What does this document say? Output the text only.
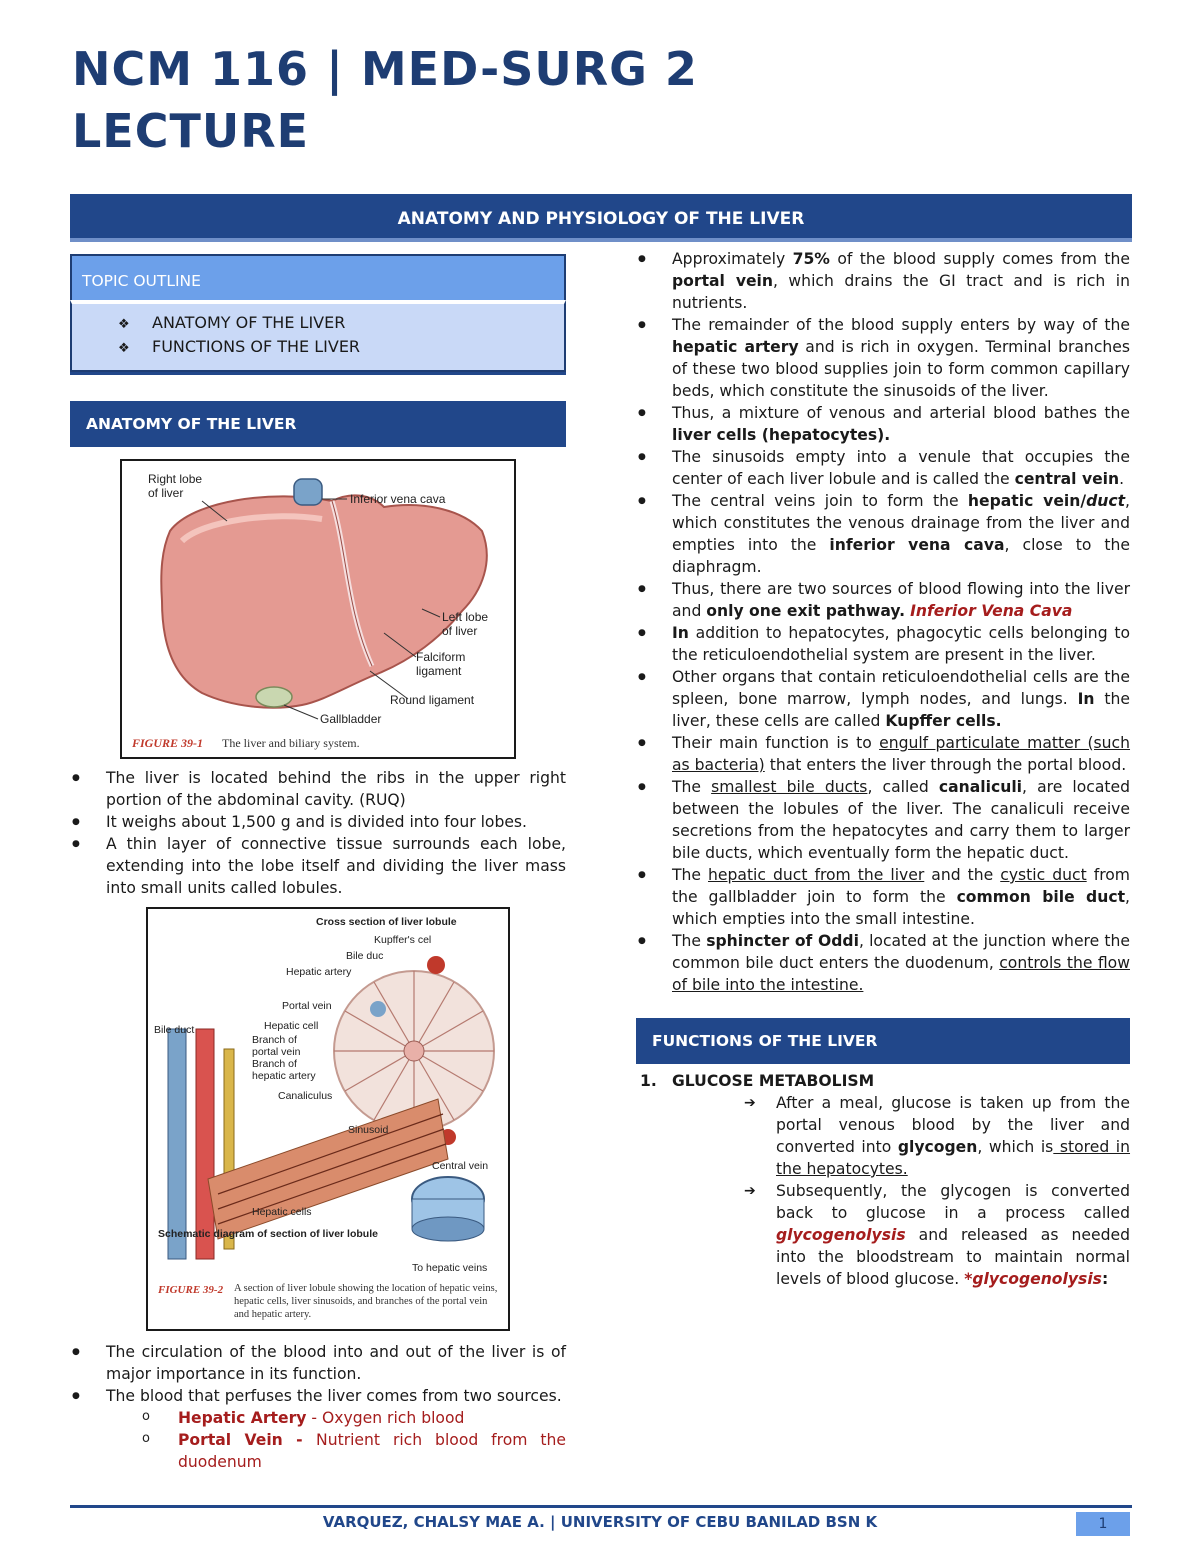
NCM 116 | MED-SURG 2
LECTURE
ANATOMY AND PHYSIOLOGY OF THE LIVER
TOPIC OUTLINE
❖ ANATOMY OF THE LIVER
❖ FUNCTIONS OF THE LIVER
ANATOMY OF THE LIVER
Right lobe
of liver	Inferior vena cava
Left lobe
of liver
Falciform
ligament
Round ligament
Gallbladder
FIGURE 39-1 The liver and biliary system.
● The liver is located behind the ribs in the upper right portion of the abdominal cavity. (RUQ)
● It weighs about 1,500 g and is divided into four lobes.
● A thin layer of connective tissue surrounds each lobe, extending into the lobe itself and dividing the liver mass into small units called lobules.
Cross section of liver lobule
Kupffer's cel
Bile duc
Hepatic artery
Portal vein
Bile duct	Hepatic cell
Branch of
portal vein
Branch of
hepatic artery
Canaliculus
Sinusoid
Central vein
Hepatic cells
Schematic diagram of section of liver lobule
To hepatic veins
FIGURE 39-2 A section of liver lobule showing the location of hepatic veins, hepatic cells, liver sinusoids, and branches of the portal vein and hepatic artery.
● The circulation of the blood into and out of the liver is of major importance in its function.
● The blood that perfuses the liver comes from two sources.
o Hepatic Artery - Oxygen rich blood
o Portal Vein - Nutrient rich blood from the duodenum
● Approximately 75% of the blood supply comes from the portal vein, which drains the GI tract and is rich in nutrients.
● The remainder of the blood supply enters by way of the hepatic artery and is rich in oxygen. Terminal branches of these two blood supplies join to form common capillary beds, which constitute the sinusoids of the liver.
● Thus, a mixture of venous and arterial blood bathes the liver cells (hepatocytes).
● The sinusoids empty into a venule that occupies the center of each liver lobule and is called the central vein.
● The central veins join to form the hepatic vein/duct, which constitutes the venous drainage from the liver and empties into the inferior vena cava, close to the diaphragm.
● Thus, there are two sources of blood flowing into the liver and only one exit pathway. Inferior Vena Cava
● In addition to hepatocytes, phagocytic cells belonging to the reticuloendothelial system are present in the liver.
● Other organs that contain reticuloendothelial cells are the spleen, bone marrow, lymph nodes, and lungs. In the liver, these cells are called Kupffer cells.
● Their main function is to engulf particulate matter (such as bacteria) that enters the liver through the portal blood.
● The smallest bile ducts, called canaliculi, are located between the lobules of the liver. The canaliculi receive secretions from the hepatocytes and carry them to larger bile ducts, which eventually form the hepatic duct.
● The hepatic duct from the liver and the cystic duct from the gallbladder join to form the common bile duct, which empties into the small intestine.
● The sphincter of Oddi, located at the junction where the common bile duct enters the duodenum, controls the flow of bile into the intestine.
FUNCTIONS OF THE LIVER
1. GLUCOSE METABOLISM
➔ After a meal, glucose is taken up from the portal venous blood by the liver and converted into glycogen, which is stored in the hepatocytes.
➔ Subsequently, the glycogen is converted back to glucose in a process called glycogenolysis and released as needed into the bloodstream to maintain normal levels of blood glucose. *glycogenolysis:
VARQUEZ, CHALSY MAE A. | UNIVERSITY OF CEBU BANILAD BSN K	1
